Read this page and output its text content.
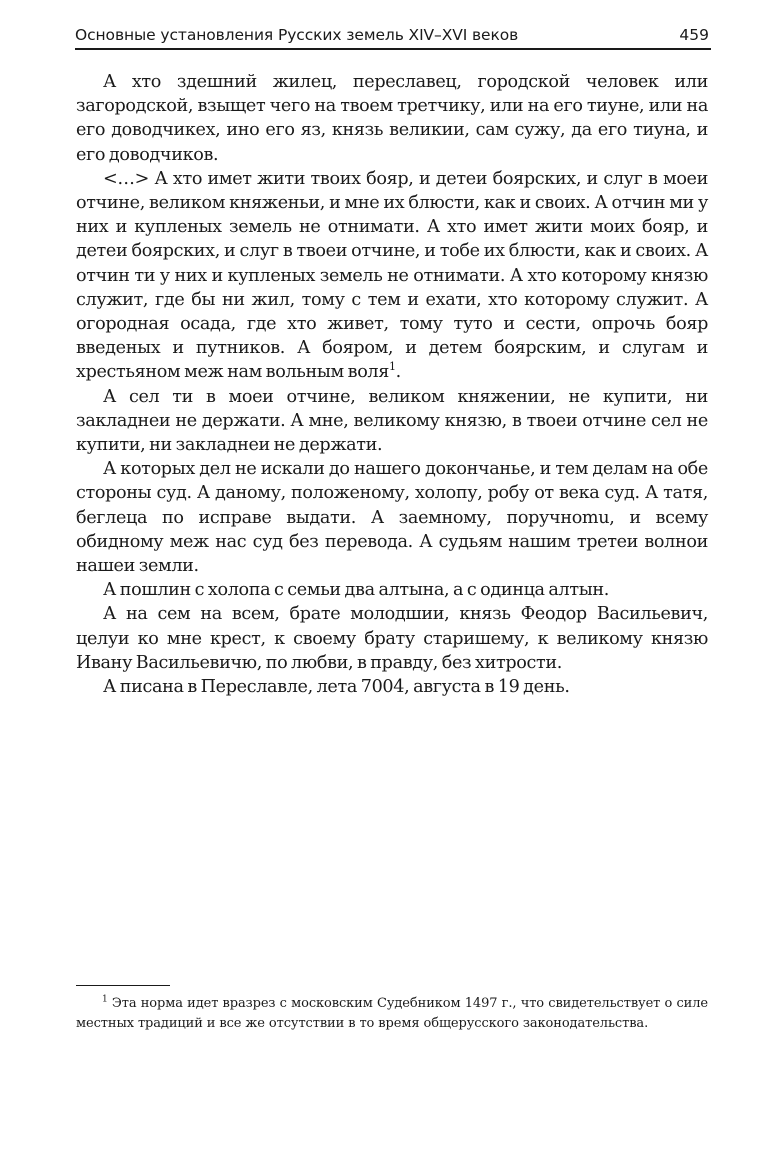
Основные установления Русских земель XIV–XVI веков	459

А хто здешний жилец, переславец, городской человек или загородской, взыщет чего на твоем третчику, или на его тиуне, или на его доводчикех, ино его яз, князь великии, сам сужу, да его тиуна, и его доводчиков.

<…> А хто имет жити твоих бояр, и детеи боярских, и слуг в моеи отчине, великом княженьи, и мне их блюсти, как и своих. А отчин ми у них и купленых земель не отнимати. А хто имет жити моих бояр, и детеи боярских, и слуг в твоеи отчине, и тобе их блюсти, как и своих. А отчин ти у них и купленых земель не отнимати. А хто которому князю служит, где бы ни жил, тому с тем и ехати, хто которому служит. А огородная осада, где хто живет, тому туто и сести, опрочь бояр введеных и путников. А бояром, и детем боярским, и слугам и хрестьяном меж нам вольным воля$^1$.

А сел ти в моеи отчине, великом княжении, не купити, ни закладнеи не держати. А мне, великому князю, в твоеи отчине сел не купити, ни закладнеи не держати.

А которых дел не искали до нашего докончанье, и тем делам на обе стороны суд. А даному, положеному, холопу, робу от века суд. А татя, беглеца по исправе выдати. А заемному, поручноmu, и всему обидному меж нас суд без перевода. А судьям нашим третеи волнои нашеи земли.

А пошлин с холопа с семьи два алтына, а с одинца алтын.

А на сем на всем, брате молодшии, князь Феодор Васильевич, целуи ко мне крест, к своему брату старишему, к великому князю Ивану Васильевичю, по любви, в правду, без хитрости.

А писана в Переславле, лета 7004, августа в 19 день.

$^1$ Эта норма идет вразрез с московским Судебником 1497 г., что свидетельствует о силе местных традиций и все же отсутствии в то время общерусского законодательства.
